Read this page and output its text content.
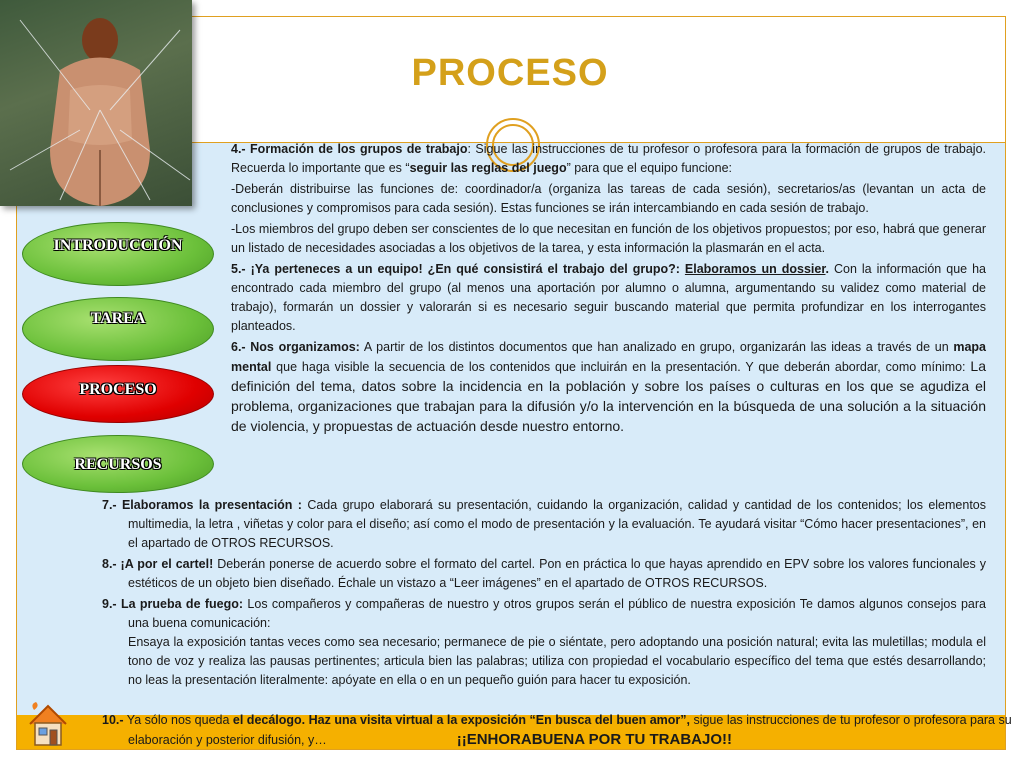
PROCESO
INTRODUCCIÓN
TAREA
PROCESO
RECURSOS

4.- Formación de los grupos de trabajo: Sigue las instrucciones de tu profesor o profesora para la formación de grupos de trabajo. Recuerda lo importante que es “seguir las reglas del juego” para que el equipo funcione:

-Deberán distribuirse las funciones de: coordinador/a (organiza las tareas de cada sesión), secretarios/as (levantan un acta de conclusiones y compromisos para cada sesión). Estas funciones se irán intercambiando en cada sesión de trabajo.

-Los miembros del grupo deben ser conscientes de lo que necesitan en función de los objetivos propuestos; por eso, habrá que generar un listado de necesidades asociadas a los objetivos de la tarea, y esta información la plasmarán en el acta.

5.- ¡Ya perteneces a un equipo! ¿En qué consistirá el trabajo del grupo?: Elaboramos un dossier. Con la información que ha encontrado cada miembro del grupo (al menos una aportación por alumno o alumna, argumentando su validez como material de trabajo), formarán un dossier y valorarán si es necesario seguir buscando material que permita profundizar en los interrogantes planteados.

6.- Nos organizamos: A partir de los distintos documentos que han analizado en grupo, organizarán las ideas a través de un mapa mental que haga visible la secuencia de los contenidos que incluirán en la presentación. Y que deberán abordar, como mínimo: La definición del tema, datos sobre la incidencia en la población y sobre los países o culturas en los que se agudiza el problema, organizaciones que trabajan para la difusión y/o la intervención en la búsqueda de una solución a la situación de violencia, y propuestas de actuación desde nuestro entorno.

7.- Elaboramos la presentación : Cada grupo elaborará su presentación, cuidando la organización, calidad y cantidad de los contenidos; los elementos multimedia, la letra , viñetas y color para el diseño; así como el modo de presentación y la evaluación. Te ayudará visitar “Cómo hacer presentaciones”, en el apartado de OTROS RECURSOS.

8.- ¡A por el cartel! Deberán ponerse de acuerdo sobre el formato del cartel. Pon en práctica lo que hayas aprendido en EPV sobre los valores funcionales y estéticos de un objeto bien diseñado. Échale un vistazo a “Leer imágenes” en el apartado de OTROS RECURSOS.

9.- La prueba de fuego: Los compañeros y compañeras de nuestro y otros grupos serán el público de nuestra exposición Te damos algunos consejos para una buena comunicación:
Ensaya la exposición tantas veces como sea necesario; permanece de pie o siéntate, pero adoptando una posición natural; evita las muletillas; modula el tono de voz y realiza las pausas pertinentes; articula bien las palabras; utiliza con propiedad el vocabulario específico del tema que estés desarrollando; no leas la presentación literalmente: apóyate en ella o en un pequeño guión para hacer tu exposición.

10.- Ya sólo nos queda el decálogo. Haz una visita virtual a la exposición “En busca del buen amor”, sigue las instrucciones de tu profesor o profesora para su elaboración y posterior difusión, y…	¡¡ENHORABUENA POR TU TRABAJO!!
